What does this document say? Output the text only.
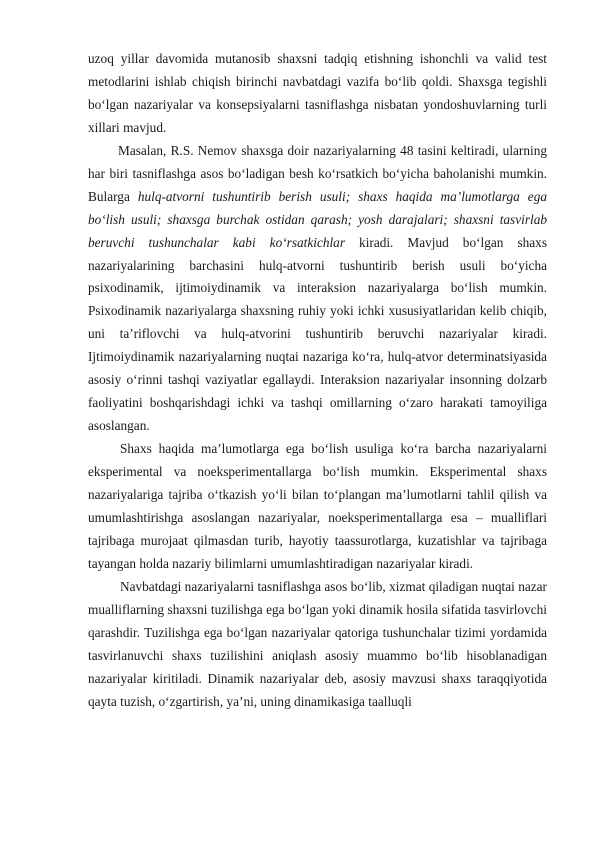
uzoq yillar davomida mutanosib shaxsni tadqiq etishning ishonchli va valid test metodlarini ishlab chiqish birinchi navbatdagi vazifa bo‘lib qoldi. Shaxsga tegishli bo‘lgan nazariyalar va konsepsiyalarni tasniflashga nisbatan yondoshuvlarning turli xillari mavjud.

Masalan, R.S. Nemov shaxsga doir nazariyalarning 48 tasini keltiradi, ularning har biri tasniflashga asos bo‘ladigan besh ko‘rsatkich bo‘yicha baholanishi mumkin. Bularga hulq-atvorni tushuntirib berish usuli; shaxs haqida ma’lumotlarga ega bo‘lish usuli; shaxsga burchak ostidan qarash; yosh darajalari; shaxsni tasvirlab beruvchi tushunchalar kabi ko‘rsatkichlar kiradi. Mavjud bo‘lgan shaxs nazariyalarining barchasini hulq-atvorni tushuntirib berish usuli bo‘yicha psixodinamik, ijtimoiydinamik va interaksion nazariyalarga bo‘lish mumkin. Psixodinamik nazariyalarga shaxsning ruhiy yoki ichki xususiyatlaridan kelib chiqib, uni ta’riflovchi va hulq-atvorini tushuntirib beruvchi nazariyalar kiradi. Ijtimoiydinamik nazariyalarning nuqtai nazariga ko‘ra, hulq-atvor determinatsiyasida asosiy o‘rinni tashqi vaziyatlar egallaydi. Interaksion nazariyalar insonning dolzarb faoliyatini boshqarishdagi ichki va tashqi omillarning o‘zaro harakati tamoyiliga asoslangan.

Shaxs haqida ma’lumotlarga ega bo‘lish usuliga ko‘ra barcha nazariyalarni eksperimental va noeksperimentallarga bo‘lish mumkin. Eksperimental shaxs nazariyalariga tajriba o‘tkazish yo‘li bilan to‘plangan ma’lumotlarni tahlil qilish va umumlashtirishga asoslangan nazariyalar, noeksperimentallarga esa – mualliflari tajribaga murojaat qilmasdan turib, hayotiy taassurotlarga, kuzatishlar va tajribaga tayangan holda nazariy bilimlarni umumlashtiradigan nazariyalar kiradi.

Navbatdagi nazariyalarni tasniflashga asos bo‘lib, xizmat qiladigan nuqtai nazar mualliflarning shaxsni tuzilishga ega bo‘lgan yoki dinamik hosila sifatida tasvirlovchi qarashdir. Tuzilishga ega bo‘lgan nazariyalar qatoriga tushunchalar tizimi yordamida tasvirlanuvchi shaxs tuzilishini aniqlash asosiy muammo bo‘lib hisoblanadigan nazariyalar kiritiladi. Dinamik nazariyalar deb, asosiy mavzusi shaxs taraqqiyotida qayta tuzish, o‘zgartirish, ya’ni, uning dinamikasiga taalluqli
